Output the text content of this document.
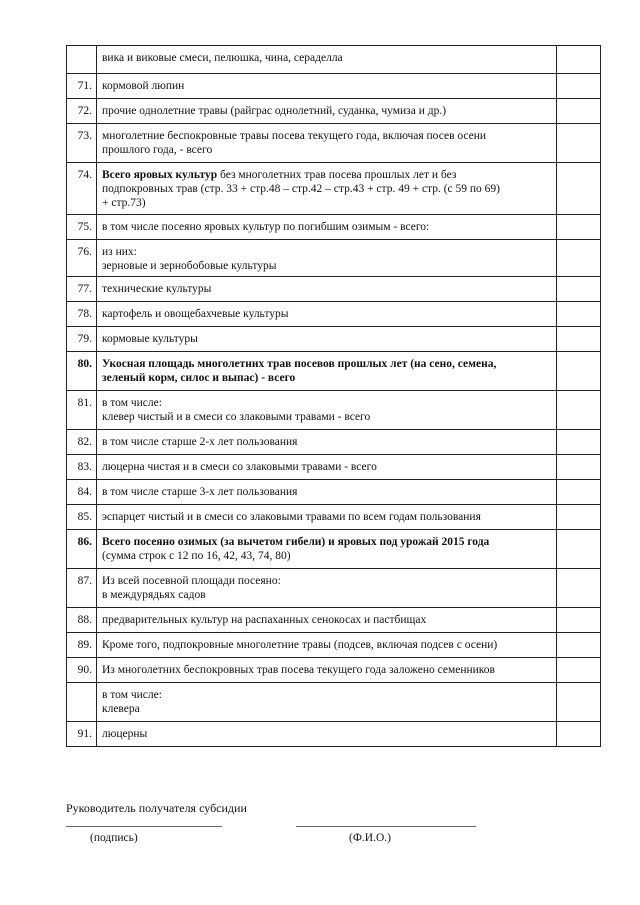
	вика и виковые смеси, пелюшка, чина, сераделла	

71.	кормовой люпин	

72.	прочие однолетние травы (райграс однолетний, суданка, чумиза и др.)	

73.	многолетние беспокровные травы посева текущего года, включая посев осени
прошлого года, - всего	

74.	Всего яровых культур без многолетних трав посева прошлых лет и без
подпокровных трав (стр. 33 + стр.48 – стр.42 – стр.43 + стр. 49 + стр. (с 59 по 69)
+ стр.73)	

75.	в том числе посеяно яровых культур по погибшим озимым - всего:	

76.	из них:
зерновые и зернобобовые культуры	

77.	технические культуры	

78.	картофель и овощебахчевые культуры	

79.	кормовые культуры	

80.	Укосная площадь многолетних трав посевов прошлых лет (на сено, семена,
зеленый корм, силос и выпас) - всего	

81.	в том числе:
клевер чистый и в смеси со злаковыми травами - всего	

82.	в том числе старше 2-х лет пользования	

83.	люцерна чистая и в смеси со злаковыми травами - всего	

84.	в том числе старше 3-х лет пользования	

85.	эспарцет чистый и в смеси со злаковыми травами по всем годам пользования	

86.	Всего посеяно озимых (за вычетом гибели) и яровых под урожай 2015 года
(сумма строк с 12 по 16, 42, 43, 74, 80)	

87.	Из всей посевной площади посеяно:
в междурядьях садов	

88.	предварительных культур на распаханных сенокосах и пастбищах	

89.	Кроме того, подпокровные многолетние травы (подсев, включая подсев с осени)	

90.	Из многолетних беспокровных трав посева текущего года заложено семенников	

	в том числе:
клевера	

91.	люцерны	

Руководитель получателя субсидии
(подпись)	(Ф.И.О.)
